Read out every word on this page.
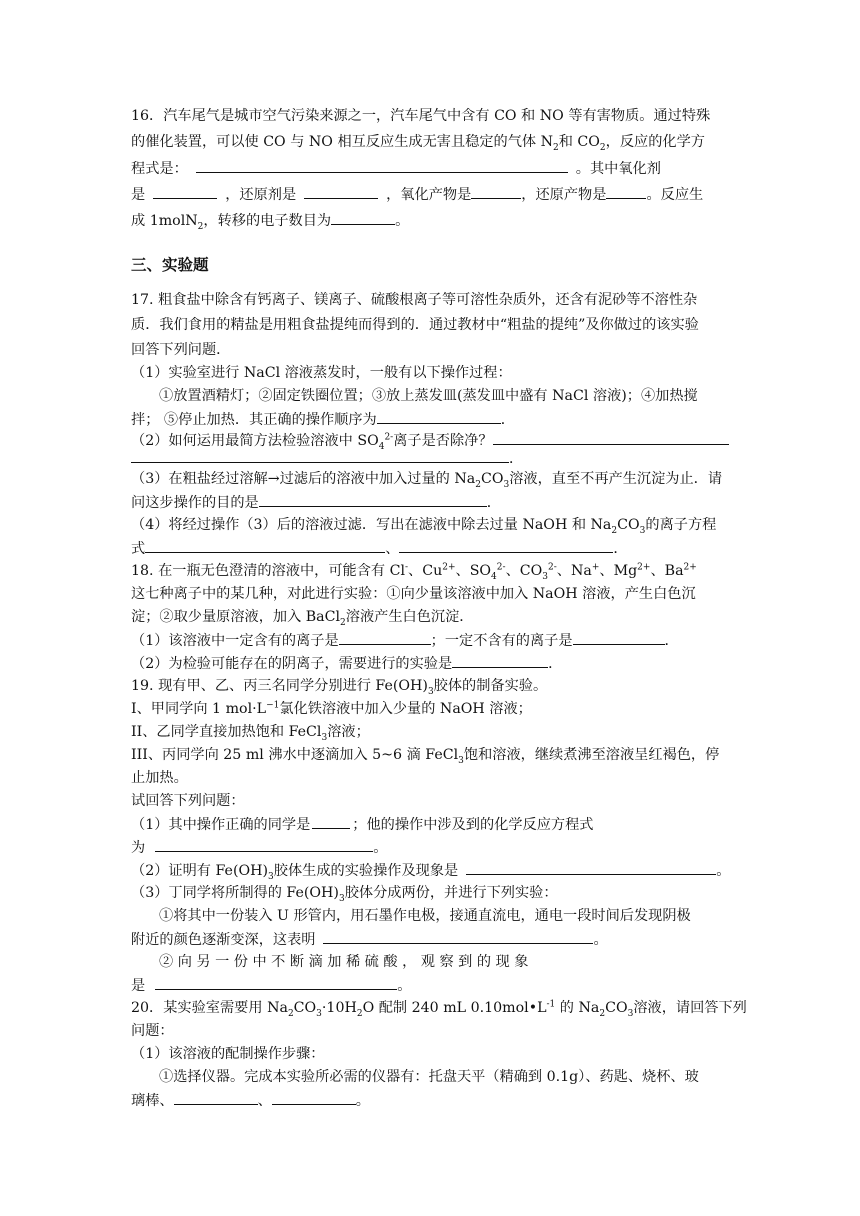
16．汽车尾气是城市空气污染来源之一，汽车尾气中含有 CO 和 NO 等有害物质。通过特殊
的催化装置，可以使 CO 与 NO 相互反应生成无害且稳定的气体 $N_2$和 $CO_2$，反应的化学方
程式是：	。其中氧化剂
是	，还原剂是	，氧化产物是	，还原产物是	。反应生
成 1molN$_2$，转移的电子数目为	。
三、实验题
17. 粗食盐中除含有钙离子、镁离子、硫酸根离子等可溶性杂质外，还含有泥砂等不溶性杂
质．我们食用的精盐是用粗食盐提纯而得到的．通过教材中“粗盐的提纯”及你做过的该实验
回答下列问题．
（1）实验室进行 NaCl 溶液蒸发时，一般有以下操作过程：
①放置酒精灯；②固定铁圈位置；③放上蒸发皿(蒸发皿中盛有 NaCl 溶液)；④加热搅
拌； ⑤停止加热．其正确的操作顺序为	．
（2）如何运用最简方法检验溶液中 $SO_4^{2-}$离子是否除净？
．
（3）在粗盐经过溶解→过滤后的溶液中加入过量的 $Na_2CO_3$溶液，直至不再产生沉淀为止．请
问这步操作的目的是	．
（4）将经过操作（3）后的溶液过滤．写出在滤液中除去过量 NaOH 和 $Na_2CO_3$的离子方程
式	、	．
18. 在一瓶无色澄清的溶液中，可能含有 Cl-、$Cu^{2+}$、$SO_4^{2-}$、$CO_3^{2-}$、Na+、$Mg^{2+}$、$Ba^{2+}$
这七种离子中的某几种，对此进行实验：①向少量该溶液中加入 NaOH 溶液，产生白色沉
淀；②取少量原溶液，加入 BaCl$_2$溶液产生白色沉淀．
（1）该溶液中一定含有的离子是	；一定不含有的离子是	．
（2）为检验可能存在的阴离子，需要进行的实验是	．
19. 现有甲、乙、丙三名同学分别进行 $Fe(OH)_3$胶体的制备实验。
I、甲同学向 1 $mol\cdot L^{-1}$氯化铁溶液中加入少量的 NaOH 溶液；
II、乙同学直接加热饱和 FeCl$_3$溶液；
III、丙同学向 25 ml 沸水中逐滴加入 5~6 滴 FeCl$_3$饱和溶液，继续煮沸至溶液呈红褐色，停
止加热。
试回答下列问题：
（1）其中操作正确的同学是	；他的操作中涉及到的化学反应方程式
为	。
（2）证明有 $Fe(OH)_3$胶体生成的实验操作及现象是	。
（3）丁同学将所制得的 $Fe(OH)_3$胶体分成两份，并进行下列实验：
①将其中一份装入 U 形管内，用石墨作电极，接通直流电，通电一段时间后发现阴极
附近的颜色逐渐变深，这表明	。
② 向 另 一 份 中 不 断 滴 加 稀 硫 酸 ， 观 察 到 的 现 象
是	。
20．某实验室需要用 $Na_2CO_3\cdot 10H_2O$ 配制 240 mL $0.10mol•L^{-1}$ 的 $Na_2CO_3$溶液，请回答下列
问题：
（1）该溶液的配制操作步骤：
①选择仪器。完成本实验所必需的仪器有：托盘天平（精确到 0.1g）、药匙、烧杯、玻
璃棒、	、	。
